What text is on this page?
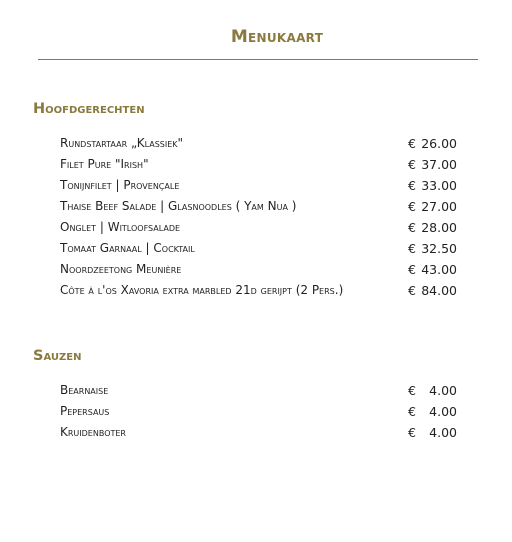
Menukaart
Hoofdgerechten
Rundstartaar „Klassiek"	€ 26.00
Filet Pure "Irish"	€ 37.00
Tonijnfilet | Provençale	€ 33.00
Thaise Beef Salade | Glasnoodles ( Yam Nua )	€ 27.00
Onglet | Witloofsalade	€ 28.00
Tomaat Garnaal | Cocktail	€ 32.50
Noordzeetong Meunière	€ 43.00
Côte à l'os Xavoria extra marbled 21d gerijpt (2 Pers.)	€ 84.00
Sauzen
Bearnaise	€ 4.00
Pepersaus	€ 4.00
Kruidenboter	€ 4.00
